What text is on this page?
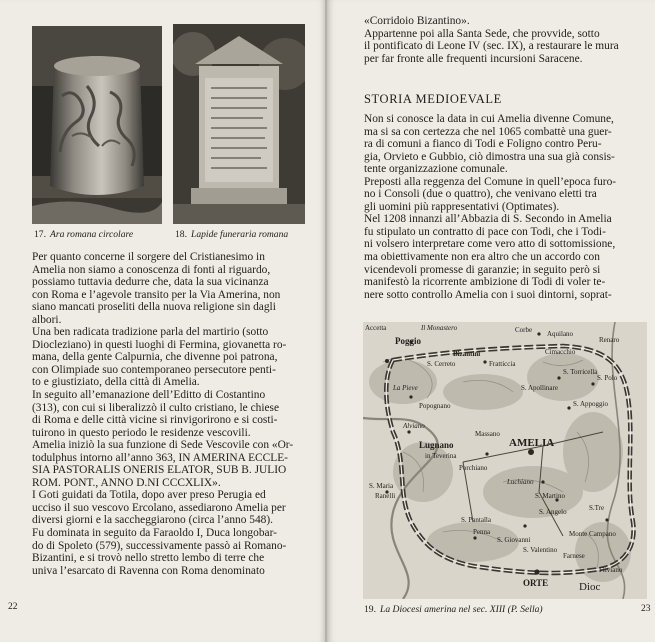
17. Ara romana circolare	18. Lapide funeraria romana
Per quanto concerne il sorgere del Cristianesimo in
Amelia non siamo a conoscenza di fonti al riguardo,
possiamo tuttavia dedurre che, data la sua vicinanza
con Roma e l’agevole transito per la Via Amerina, non
siano mancati proseliti della nuova religione sin dagli
albori.
Una ben radicata tradizione parla del martirio (sotto
Diocleziano) in questi luoghi di Fermina, giovanetta ro-
mana, della gente Calpurnia, che divenne poi patrona,
con Olimpiade suo contemporaneo persecutore penti-
to e giustiziato, della città di Amelia.
In seguito all’emanazione dell’Editto di Costantino
(313), con cui si liberalizzò il culto cristiano, le chiese
di Roma e delle città vicine si rinvigorirono e si costi-
tuirono in questo periodo le residenze vescovili.
Amelia iniziò la sua funzione di Sede Vescovile con «Or-
todulphus intorno all’anno 363, IN AMERINA ECCLE-
SIA PASTORALIS ONERIS ELATOR, SUB B. JULIO
ROM. PONT., ANNO D.NI CCCXLIX».
I Goti guidati da Totila, dopo aver preso Perugia ed
ucciso il suo vescovo Ercolano, assediarono Amelia per
diversi giorni e la saccheggiarono (circa l’anno 548).
Fu dominata in seguito da Faraoldo I, Duca longobar-
do di Spoleto (579), successivamente passò ai Romano-
Bizantini, e si trovò nello stretto lembo di terre che
univa l’esarcato di Ravenna con Roma denominato
22
«Corridoio Bizantino».
Appartenne poi alla Santa Sede, che provvide, sotto
il pontificato di Leone IV (sec. IX), a restaurare le mura
per far fronte alle frequenti incursioni Saracene.
STORIA MEDIOEVALE
Non si conosce la data in cui Amelia divenne Comune,
ma si sa con certezza che nel 1065 combattè una guer-
ra di comuni a fianco di Todi e Foligno contro Peru-
gia, Orvieto e Gubbio, ciò dimostra una sua già consis-
tente organizzazione comunale.
Preposti alla reggenza del Comune in quell’epoca furo-
no i Consoli (due o quattro), che venivano eletti tra
gli uomini più rappresentativi (Optimates).
Nel 1208 innanzi all’Abbazia di S. Secondo in Amelia
fu stipulato un contratto di pace con Todi, che i Todi-
ni volsero interpretare come vero atto di sottomissione,
ma obiettivamente non era altro che un accordo con
vicendevoli promesse di garanzie; in seguito però si
manifestò la ricorrente ambizione di Todi di voler te-
nere sotto controllo Amelia con i suoi dintorni, soprat-
Accetta	Il Monastero
Poggio
Corbe Aquilano
Bizantini
Renaro
Cimacchio
S. Cerreto	Fratticcia
S. Torricella
S. Apollinare
S. Polo
S. Appoggio
La Pieve
Popognano
Alviano
Massano
Lugnano
in Teverina
AMELIA
Porchiano
Luchiano
S. Martino
S. Maria
Ranelli
S. Angelo	S.Tre
S. Pantalla
Penna
S. Giovanni
Monte Campano
S. Valentino
Farnese
ORTE	Dioc
Fliviano
19. La Diocesi amerina nel sec. XIII (P. Sella)	23
